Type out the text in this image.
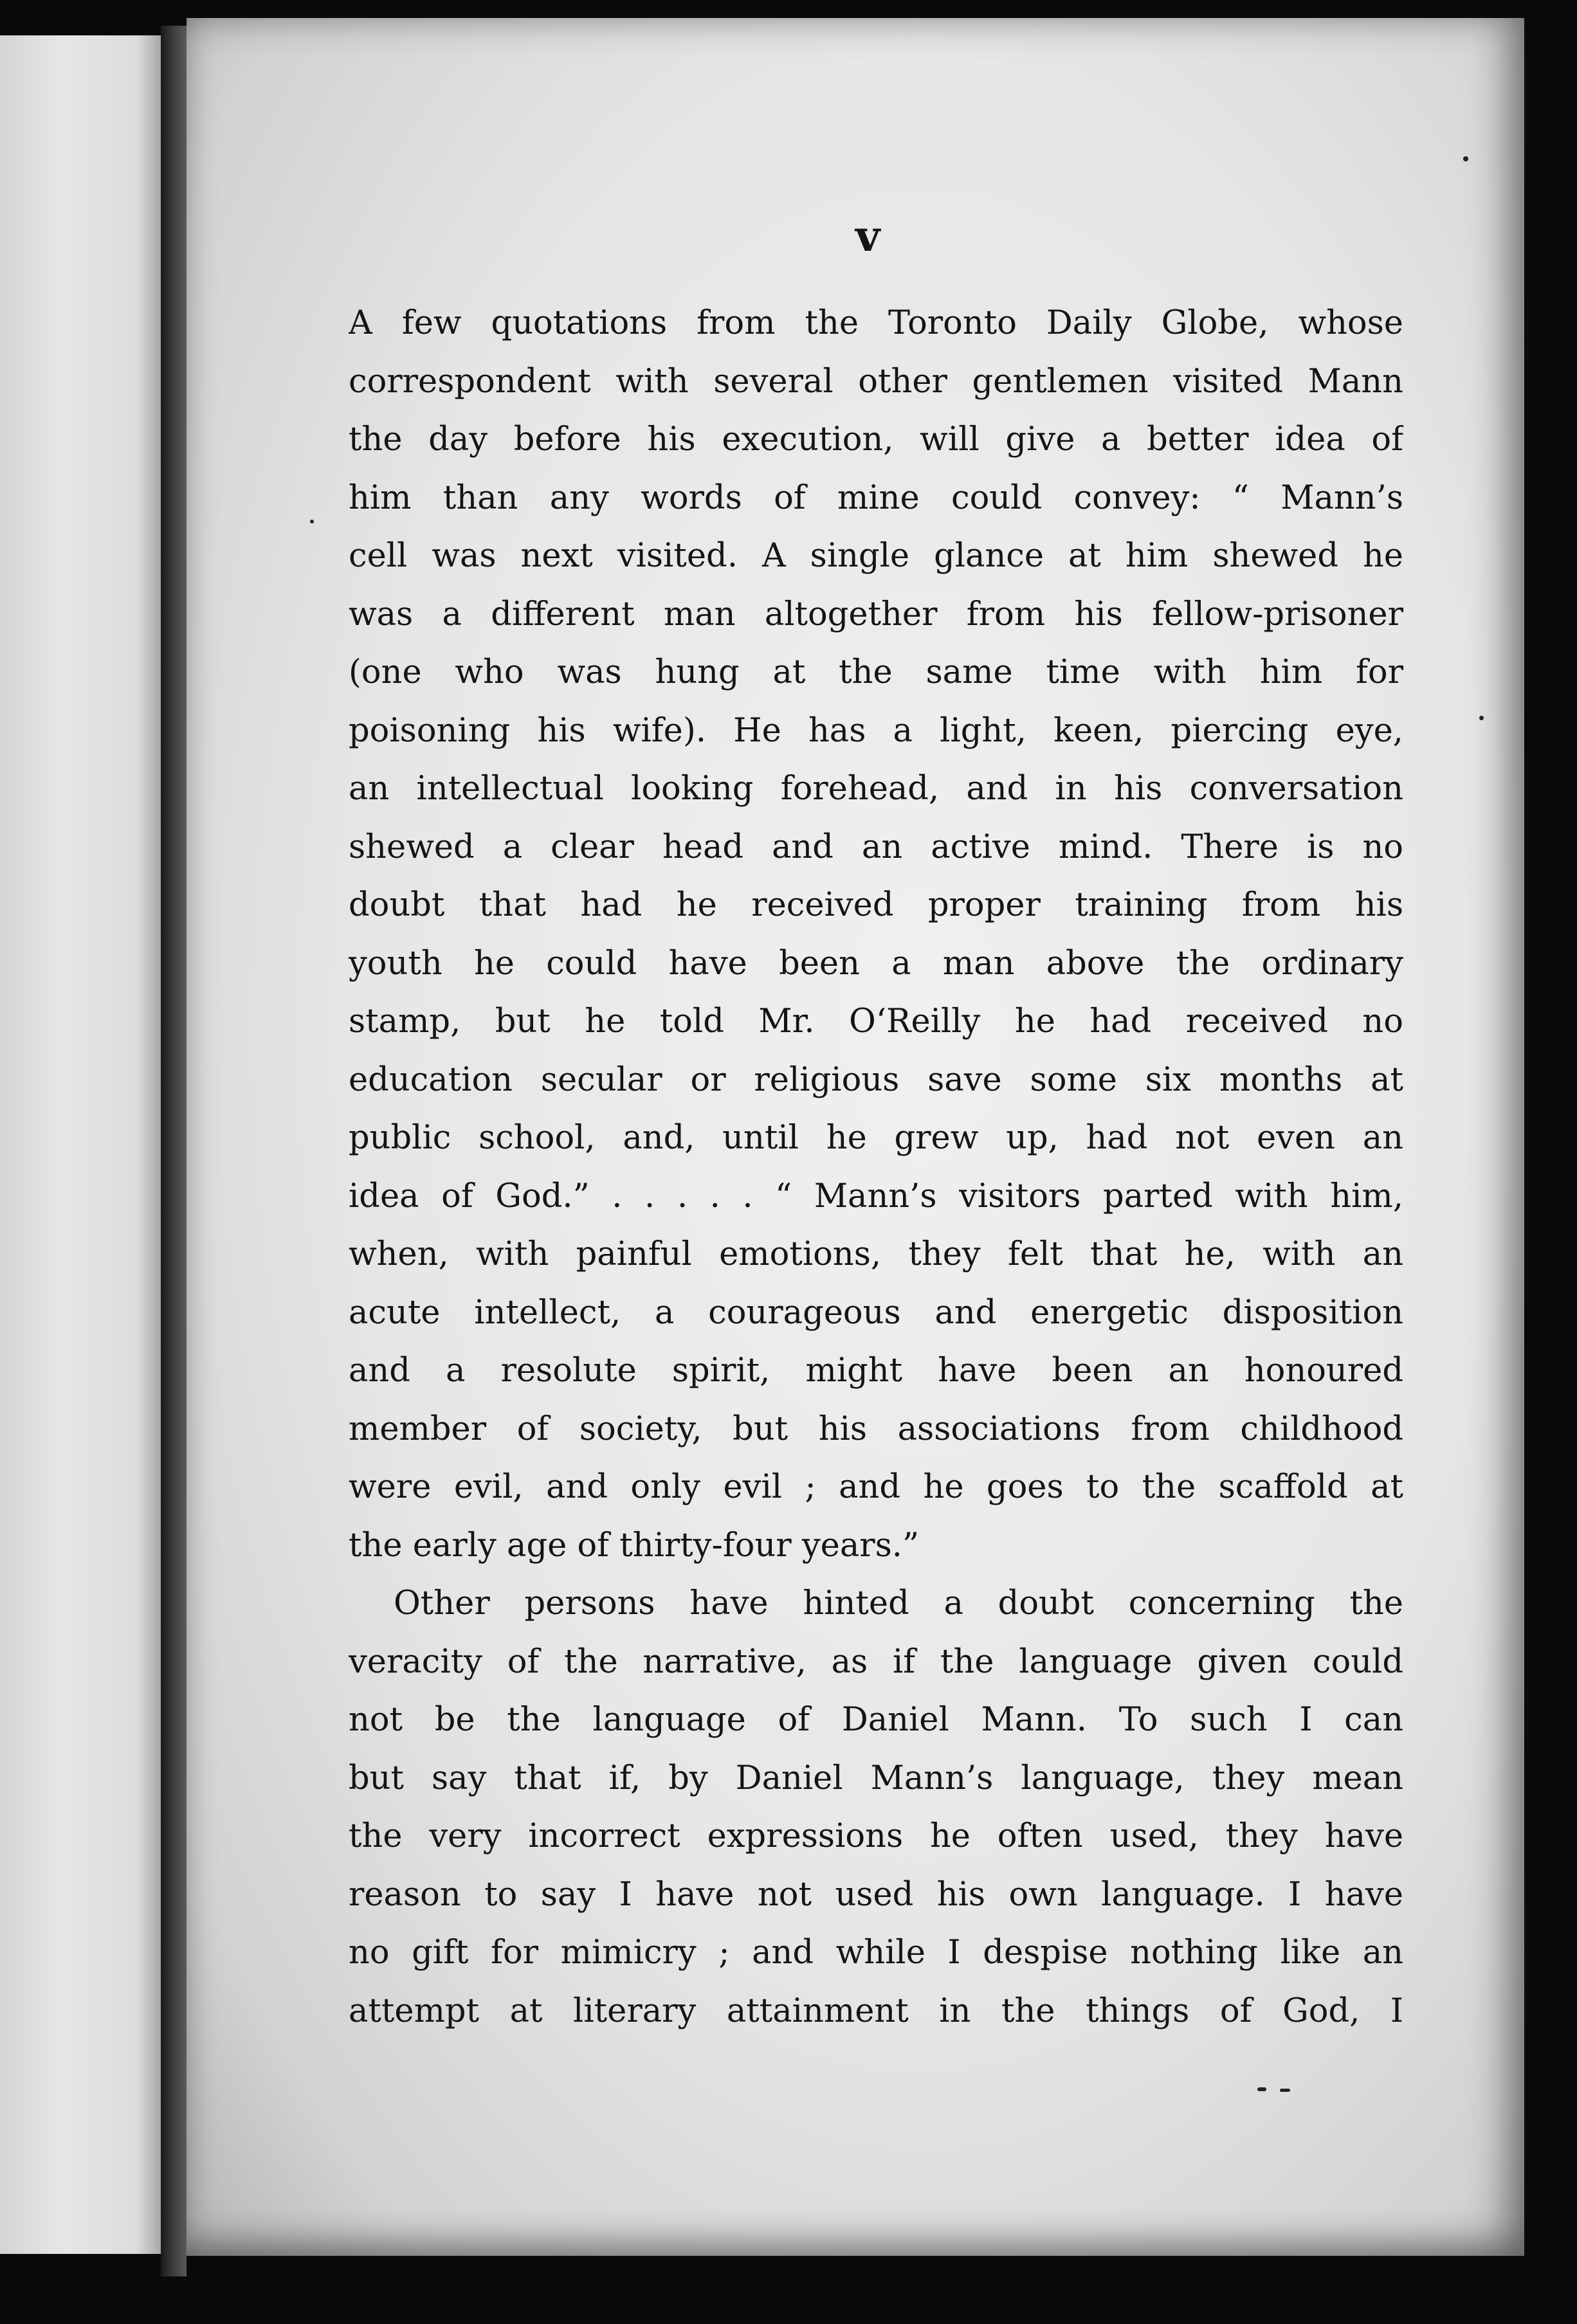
v
A few quotations from the Toronto Daily Globe, whose
correspondent with several other gentlemen visited Mann
the day before his execution, will give a better idea of
him than any words of mine could convey: “ Mann’s
cell was next visited. A single glance at him shewed he
was a different man altogether from his fellow-prisoner
(one who was hung at the same time with him for
poisoning his wife). He has a light, keen, piercing eye,
an intellectual looking forehead, and in his conversation
shewed a clear head and an active mind. There is no
doubt that had he received proper training from his
youth he could have been a man above the ordinary
stamp, but he told Mr. O‘Reilly he had received no
education secular or religious save some six months at
public school, and, until he grew up, had not even an
idea of God.” . . . . . “ Mann’s visitors parted with him,
when, with painful emotions, they felt that he, with an
acute intellect, a courageous and energetic disposition
and a resolute spirit, might have been an honoured
member of society, but his associations from childhood
were evil, and only evil ; and he goes to the scaffold at
the early age of thirty-four years.”
Other persons have hinted a doubt concerning the
veracity of the narrative, as if the language given could
not be the language of Daniel Mann. To such I can
but say that if, by Daniel Mann’s language, they mean
the very incorrect expressions he often used, they have
reason to say I have not used his own language. I have
no gift for mimicry ; and while I despise nothing like an
attempt at literary attainment in the things of God, I
